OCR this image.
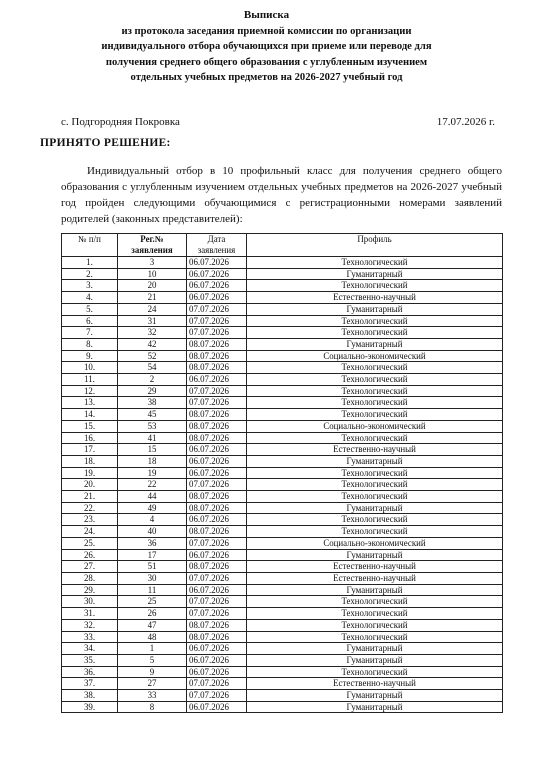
Выписка
из протокола заседания приемной комиссии по организации
индивидуального отбора обучающихся при приеме или переводе для
получения среднего общего образования с углубленным изучением
отдельных учебных предметов на 2026-2027 учебный год
с. Подгородняя Покровка	17.07.2026 г.
ПРИНЯТО РЕШЕНИЕ:
Индивидуальный отбор в 10 профильный класс для получения среднего общего образования с углубленным изучением отдельных учебных предметов на 2026-2027 учебный год пройден следующими обучающимися с регистрационными номерами заявлений родителей (законных представителей):
№ п/п	Рег.№ заявления	Дата заявления	Профиль
1.	3	06.07.2026	Технологический
2.	10	06.07.2026	Гуманитарный
3.	20	06.07.2026	Технологический
4.	21	06.07.2026	Естественно-научный
5.	24	07.07.2026	Гуманитарный
6.	31	07.07.2026	Технологический
7.	32	07.07.2026	Технологический
8.	42	08.07.2026	Гуманитарный
9.	52	08.07.2026	Социально-экономический
10.	54	08.07.2026	Технологический
11.	2	06.07.2026	Технологический
12.	29	07.07.2026	Технологический
13.	38	07.07.2026	Технологический
14.	45	08.07.2026	Технологический
15.	53	08.07.2026	Социально-экономический
16.	41	08.07.2026	Технологический
17.	15	06.07.2026	Естественно-научный
18.	18	06.07.2026	Гуманитарный
19.	19	06.07.2026	Технологический
20.	22	07.07.2026	Технологический
21.	44	08.07.2026	Технологический
22.	49	08.07.2026	Гуманитарный
23.	4	06.07.2026	Технологический
24.	40	08.07.2026	Технологический
25.	36	07.07.2026	Социально-экономический
26.	17	06.07.2026	Гуманитарный
27.	51	08.07.2026	Естественно-научный
28.	30	07.07.2026	Естественно-научный
29.	11	06.07.2026	Гуманитарный
30.	25	07.07.2026	Технологический
31.	26	07.07.2026	Технологический
32.	47	08.07.2026	Технологический
33.	48	08.07.2026	Технологический
34.	1	06.07.2026	Гуманитарный
35.	5	06.07.2026	Гуманитарный
36.	9	06.07.2026	Технологический
37.	27	07.07.2026	Естественно-научный
38.	33	07.07.2026	Гуманитарный
39.	8	06.07.2026	Гуманитарный
